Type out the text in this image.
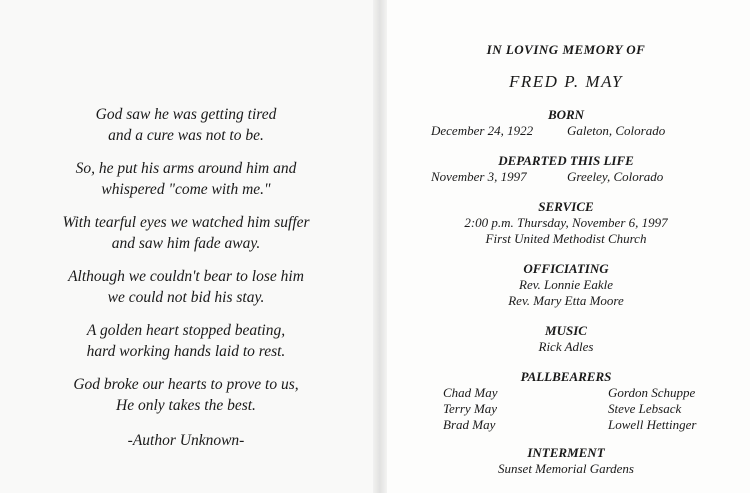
God saw he was getting tired
and a cure was not to be.
So, he put his arms around him and
whispered "come with me."
With tearful eyes we watched him suffer
and saw him fade away.
Although we couldn't bear to lose him
we could not bid his stay.
A golden heart stopped beating,
hard working hands laid to rest.
God broke our hearts to prove to us,
He only takes the best.
-Author Unknown-
IN LOVING MEMORY OF
FRED P. MAY
BORN
December 24, 1922	Galeton, Colorado
DEPARTED THIS LIFE
November 3, 1997	Greeley, Colorado
SERVICE
2:00 p.m. Thursday, November 6, 1997
First United Methodist Church
OFFICIATING
Rev. Lonnie Eakle
Rev. Mary Etta Moore
MUSIC
Rick Adles
PALLBEARERS
Chad May
Terry May
Brad May
Gordon Schuppe
Steve Lebsack
Lowell Hettinger
INTERMENT
Sunset Memorial Gardens
